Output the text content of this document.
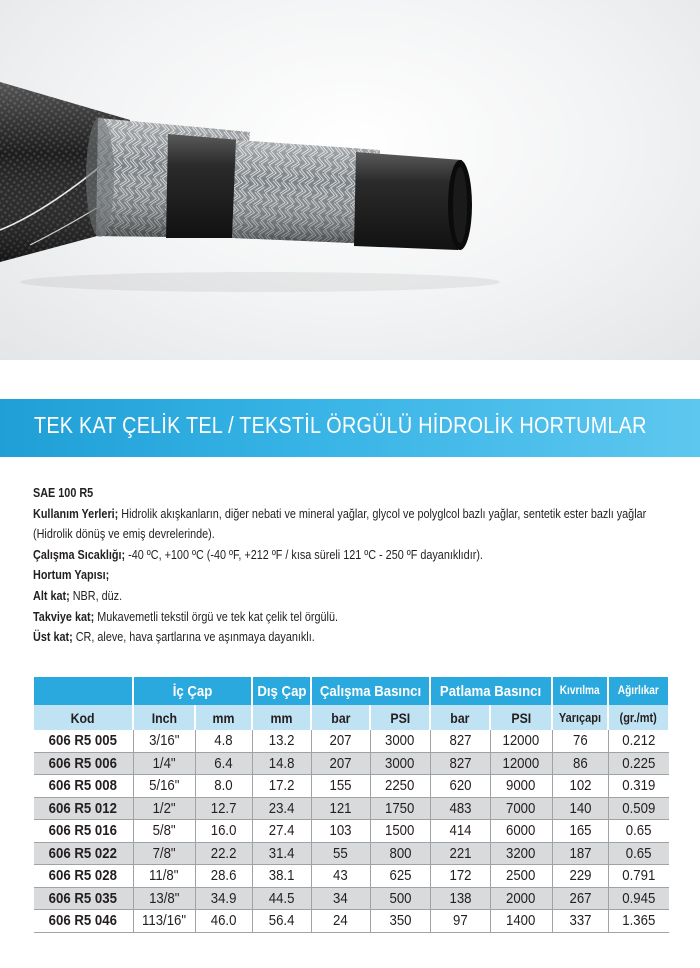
TEK KAT ÇELİK TEL / TEKSTİL ÖRGÜLÜ HİDROLİK HORTUMLAR
SAE 100 R5
Kullanım Yerleri; Hidrolik akışkanların, diğer nebati ve mineral yağlar, glycol ve polyglcol bazlı yağlar, sentetik ester bazlı yağlar (Hidrolik dönüş ve emiş devrelerinde).
Çalışma Sıcaklığı; -40 ºC, +100 ºC (-40 ºF, +212 ºF / kısa süreli 121 ºC - 250 ºF dayanıklıdır).
Hortum Yapısı;
Alt kat; NBR, düz.
Takviye kat; Mukavemetli tekstil örgü ve tek kat çelik tel örgülü.
Üst kat; CR, aleve, hava şartlarına ve aşınmaya dayanıklı.
	İç Çap		Dış Çap	Çalışma Basıncı		Patlama Basıncı		Kıvrılma	Ağırlıkar
Kod	Inch	mm	mm	bar	PSI	bar	PSI	Yarıçapı	(gr./mt)
606 R5 005	3/16"	4.8	13.2	207	3000	827	12000	76	0.212
606 R5 006	1/4"	6.4	14.8	207	3000	827	12000	86	0.225
606 R5 008	5/16"	8.0	17.2	155	2250	620	9000	102	0.319
606 R5 012	1/2"	12.7	23.4	121	1750	483	7000	140	0.509
606 R5 016	5/8"	16.0	27.4	103	1500	414	6000	165	0.65
606 R5 022	7/8"	22.2	31.4	55	800	221	3200	187	0.65
606 R5 028	11/8"	28.6	38.1	43	625	172	2500	229	0.791
606 R5 035	13/8"	34.9	44.5	34	500	138	2000	267	0.945
606 R5 046	113/16"	46.0	56.4	24	350	97	1400	337	1.365
